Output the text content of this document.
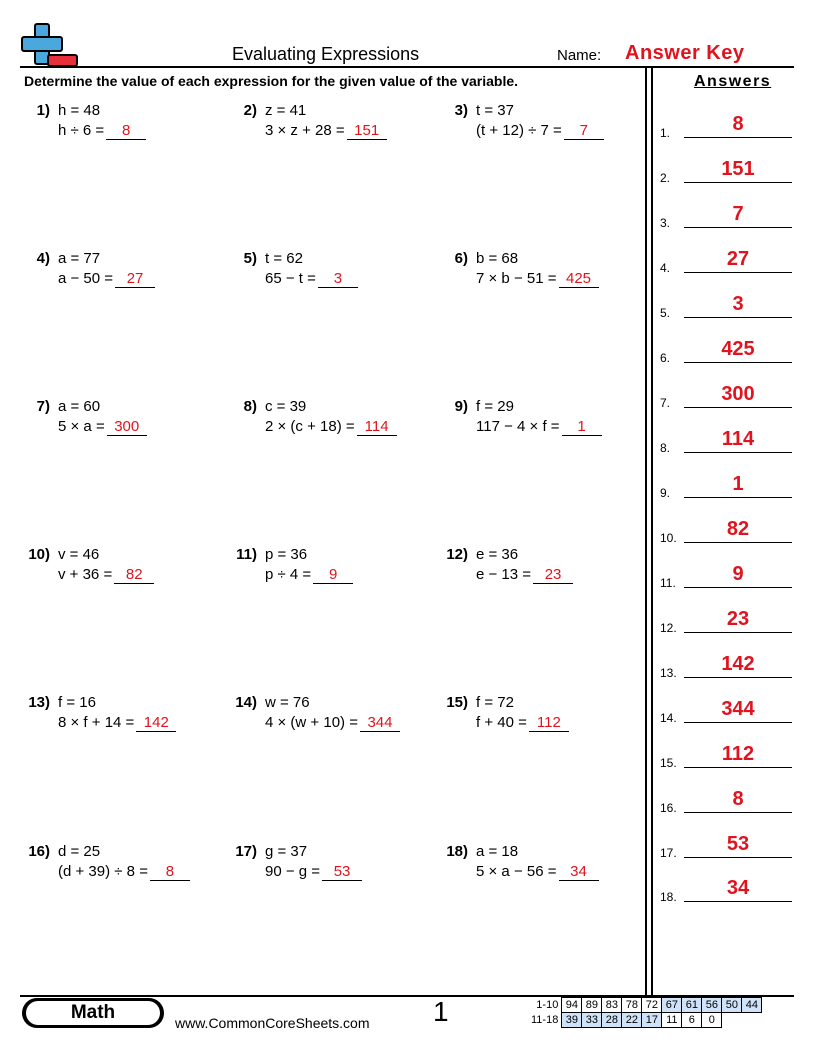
Evaluating Expressions	Name: Answer Key
Determine the value of each expression for the given value of the variable.	Answers
1) h = 48
h ÷ 6 = 8
2) z = 41
3 × z + 28 = 151
3) t = 37
(t + 12) ÷ 7 = 7
4) a = 77
a − 50 = 27
5) t = 62
65 − t = 3
6) b = 68
7 × b − 51 = 425
7) a = 60
5 × a = 300
8) c = 39
2 × (c + 18) = 114
9) f = 29
117 − 4 × f = 1
10) v = 46
v + 36 = 82
11) p = 36
p ÷ 4 = 9
12) e = 36
e − 13 = 23
13) f = 16
8 × f + 14 = 142
14) w = 76
4 × (w + 10) = 344
15) f = 72
f + 40 = 112
16) d = 25
(d + 39) ÷ 8 = 8
17) g = 37
90 − g = 53
18) a = 18
5 × a − 56 = 34
1.	8
2.	151
3.	7
4.	27
5.	3
6.	425
7.	300
8.	114
9.	1
10.	82
11.	9
12.	23
13.	142
14.	344
15.	112
16.	8
17.	53
18.	34
Math	www.CommonCoreSheets.com 1	1-10	94	89	83	78	72	67	61	56	50	44
11-18	39	33	28	22	17	11	6	0		
